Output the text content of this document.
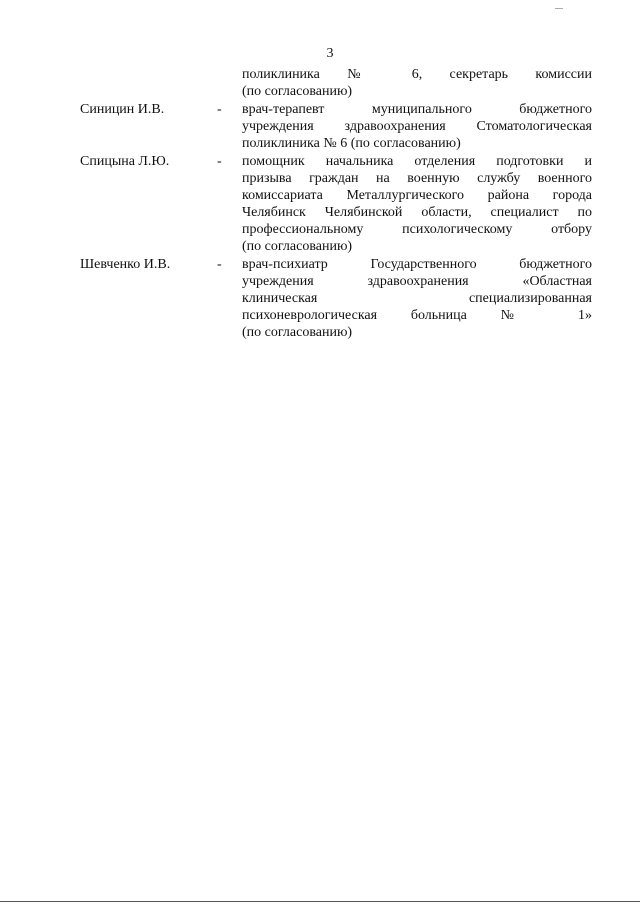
3
поликлиника № 6, секретарь комиссии
(по согласованию)
Синицин И.В.	- врач-терапевт муниципального бюджетного
учреждения здравоохранения Стоматологическая
поликлиника № 6 (по согласованию)
Спицына Л.Ю.	- помощник начальника отделения подготовки и
призыва граждан на военную службу военного
комиссариата Металлургического района города
Челябинск Челябинской области, специалист по
профессиональному психологическому отбору
(по согласованию)
Шевченко И.В.	- врач-психиатр Государственного бюджетного
учреждения здравоохранения «Областная
клиническая специализированная
психоневрологическая больница № 1»
(по согласованию)
